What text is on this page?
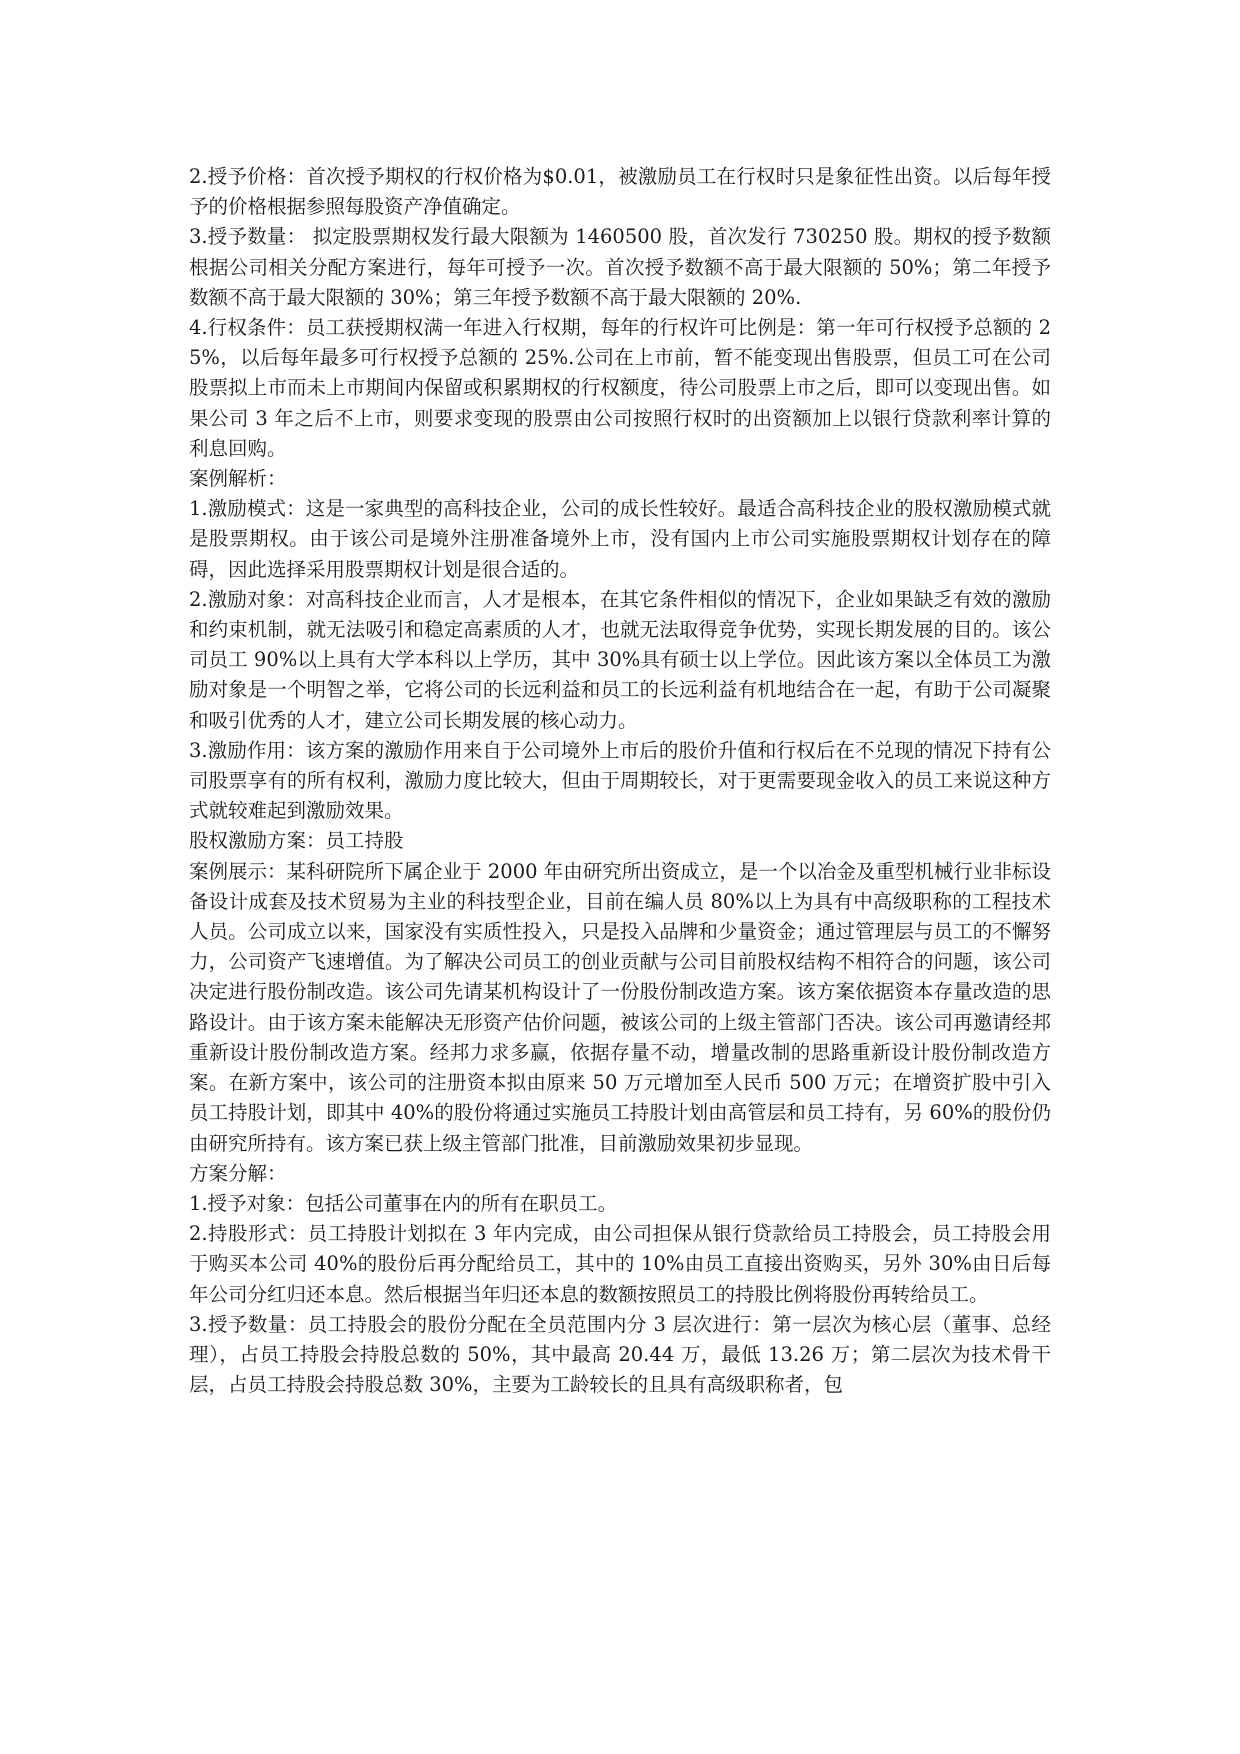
2.授予价格：首次授予期权的行权价格为$0.01，被激励员工在行权时只是象征性出资。以后每年授予的价格根据参照每股资产净值确定。

3.授予数量： 拟定股票期权发行最大限额为 1460500 股，首次发行 730250 股。期权的授予数额根据公司相关分配方案进行，每年可授予一次。首次授予数额不高于最大限额的 50%；第二年授予数额不高于最大限额的 30%；第三年授予数额不高于最大限额的 20%.

4.行权条件：员工获授期权满一年进入行权期，每年的行权许可比例是：第一年可行权授予总额的 25%，以后每年最多可行权授予总额的 25%.公司在上市前，暂不能变现出售股票，但员工可在公司股票拟上市而未上市期间内保留或积累期权的行权额度，待公司股票上市之后，即可以变现出售。如果公司 3 年之后不上市，则要求变现的股票由公司按照行权时的出资额加上以银行贷款利率计算的利息回购。

案例解析：

1.激励模式：这是一家典型的高科技企业，公司的成长性较好。最适合高科技企业的股权激励模式就是股票期权。由于该公司是境外注册准备境外上市，没有国内上市公司实施股票期权计划存在的障碍，因此选择采用股票期权计划是很合适的。

2.激励对象：对高科技企业而言，人才是根本，在其它条件相似的情况下，企业如果缺乏有效的激励和约束机制，就无法吸引和稳定高素质的人才，也就无法取得竞争优势，实现长期发展的目的。该公司员工 90%以上具有大学本科以上学历，其中 30%具有硕士以上学位。因此该方案以全体员工为激励对象是一个明智之举，它将公司的长远利益和员工的长远利益有机地结合在一起，有助于公司凝聚和吸引优秀的人才，建立公司长期发展的核心动力。

3.激励作用：该方案的激励作用来自于公司境外上市后的股价升值和行权后在不兑现的情况下持有公司股票享有的所有权利，激励力度比较大，但由于周期较长，对于更需要现金收入的员工来说这种方式就较难起到激励效果。

股权激励方案：员工持股

案例展示：某科研院所下属企业于 2000 年由研究所出资成立，是一个以冶金及重型机械行业非标设备设计成套及技术贸易为主业的科技型企业，目前在编人员 80%以上为具有中高级职称的工程技术人员。公司成立以来，国家没有实质性投入，只是投入品牌和少量资金；通过管理层与员工的不懈努力，公司资产飞速增值。为了解决公司员工的创业贡献与公司目前股权结构不相符合的问题，该公司决定进行股份制改造。该公司先请某机构设计了一份股份制改造方案。该方案依据资本存量改造的思路设计。由于该方案未能解决无形资产估价问题，被该公司的上级主管部门否决。该公司再邀请经邦重新设计股份制改造方案。经邦力求多赢，依据存量不动，增量改制的思路重新设计股份制改造方案。在新方案中，该公司的注册资本拟由原来 50 万元增加至人民币 500 万元；在增资扩股中引入员工持股计划，即其中 40%的股份将通过实施员工持股计划由高管层和员工持有，另 60%的股份仍由研究所持有。该方案已获上级主管部门批准，目前激励效果初步显现。

方案分解：

1.授予对象：包括公司董事在内的所有在职员工。

2.持股形式：员工持股计划拟在 3 年内完成，由公司担保从银行贷款给员工持股会，员工持股会用于购买本公司 40%的股份后再分配给员工，其中的 10%由员工直接出资购买，另外 30%由日后每年公司分红归还本息。然后根据当年归还本息的数额按照员工的持股比例将股份再转给员工。

3.授予数量：员工持股会的股份分配在全员范围内分 3 层次进行：第一层次为核心层（董事、总经理），占员工持股会持股总数的 50%，其中最高 20.44 万，最低 13.26 万；第二层次为技术骨干层，占员工持股会持股总数 30%，主要为工龄较长的且具有高级职称者，包
